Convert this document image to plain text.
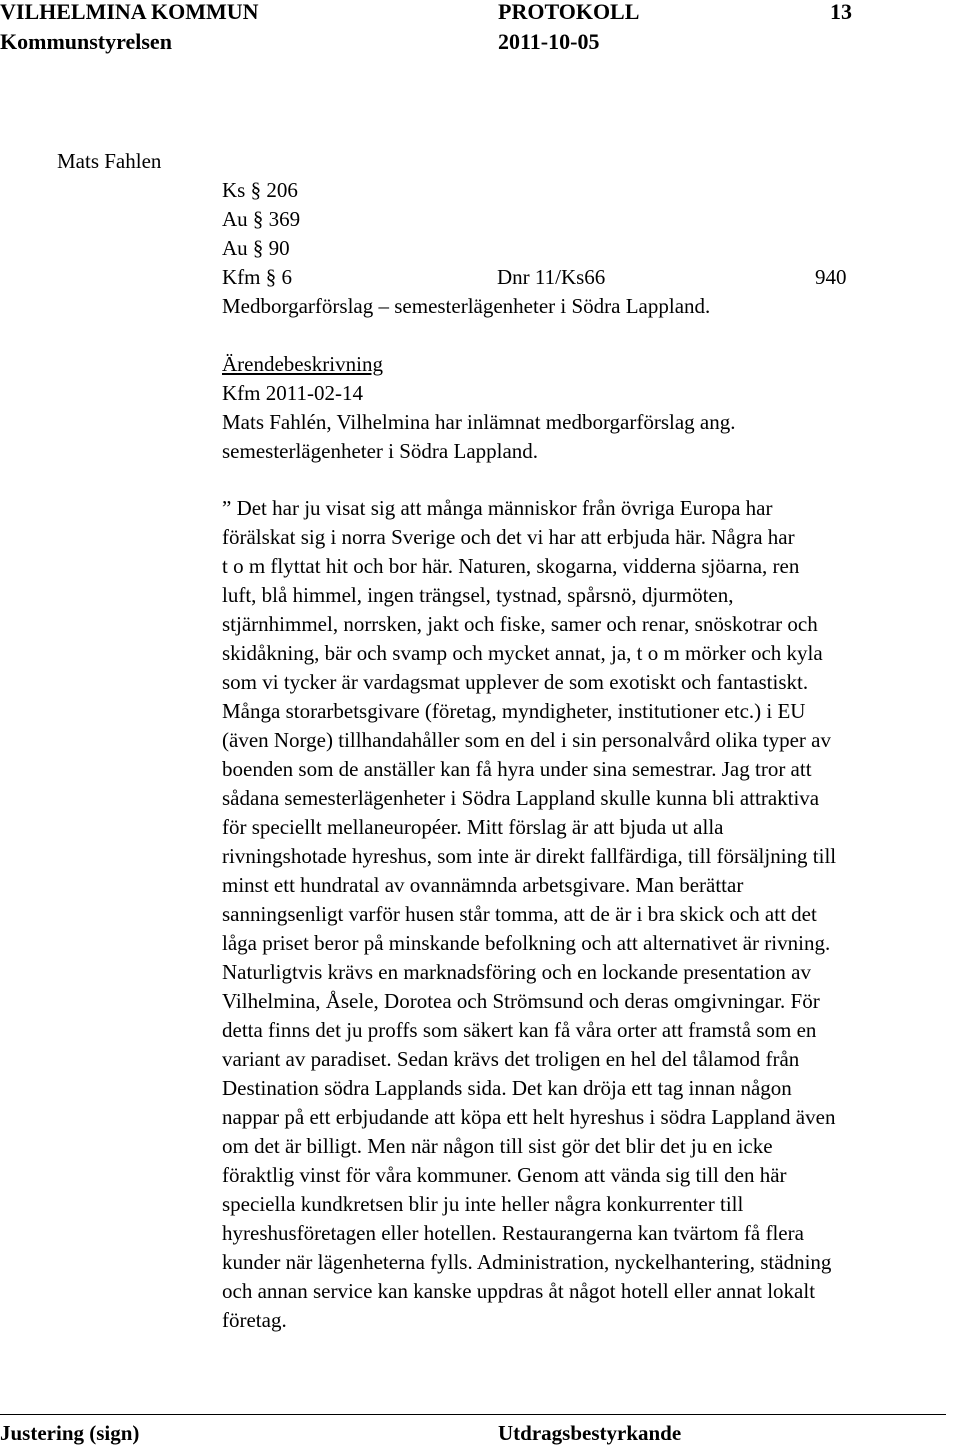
VILHELMINA KOMMUN	PROTOKOLL	13
Kommunstyrelsen	2011-10-05
Mats Fahlen
Ks § 206
Au § 369
Au § 90
Kfm § 6	Dnr 11/Ks66	940
Medborgarförslag – semesterlägenheter i Södra Lappland.
Ärendebeskrivning
Kfm 2011-02-14
Mats Fahlén, Vilhelmina har inlämnat medborgarförslag ang.
semesterlägenheter i Södra Lappland.
” Det har ju visat sig att många människor från övriga Europa har
förälskat sig i norra Sverige och det vi har att erbjuda här. Några har
t o m flyttat hit och bor här. Naturen, skogarna, vidderna sjöarna, ren
luft, blå himmel, ingen trängsel, tystnad, spårsnö, djurmöten,
stjärnhimmel, norrsken, jakt och fiske, samer och renar, snöskotrar och
skidåkning, bär och svamp och mycket annat, ja, t o m mörker och kyla
som vi tycker är vardagsmat upplever de som exotiskt och fantastiskt.
Många storarbetsgivare (företag, myndigheter, institutioner etc.) i EU
(även Norge) tillhandahåller som en del i sin personalvård olika typer av
boenden som de anställer kan få hyra under sina semestrar. Jag tror att
sådana semesterlägenheter i Södra Lappland skulle kunna bli attraktiva
för speciellt mellaneuropéer. Mitt förslag är att bjuda ut alla
rivningshotade hyreshus, som inte är direkt fallfärdiga, till försäljning till
minst ett hundratal av ovannämnda arbetsgivare. Man berättar
sanningsenligt varför husen står tomma, att de är i bra skick och att det
låga priset beror på minskande befolkning och att alternativet är rivning.
Naturligtvis krävs en marknadsföring och en lockande presentation av
Vilhelmina, Åsele, Dorotea och Strömsund och deras omgivningar. För
detta finns det ju proffs som säkert kan få våra orter att framstå som en
variant av paradiset. Sedan krävs det troligen en hel del tålamod från
Destination södra Lapplands sida. Det kan dröja ett tag innan någon
nappar på ett erbjudande att köpa ett helt hyreshus i södra Lappland även
om det är billigt. Men när någon till sist gör det blir det ju en icke
föraktlig vinst för våra kommuner. Genom att vända sig till den här
speciella kundkretsen blir ju inte heller några konkurrenter till
hyreshusföretagen eller hotellen. Restaurangerna kan tvärtom få flera
kunder när lägenheterna fylls. Administration, nyckelhantering, städning
och annan service kan kanske uppdras åt något hotell eller annat lokalt
företag.
Justering (sign)	Utdragsbestyrkande
